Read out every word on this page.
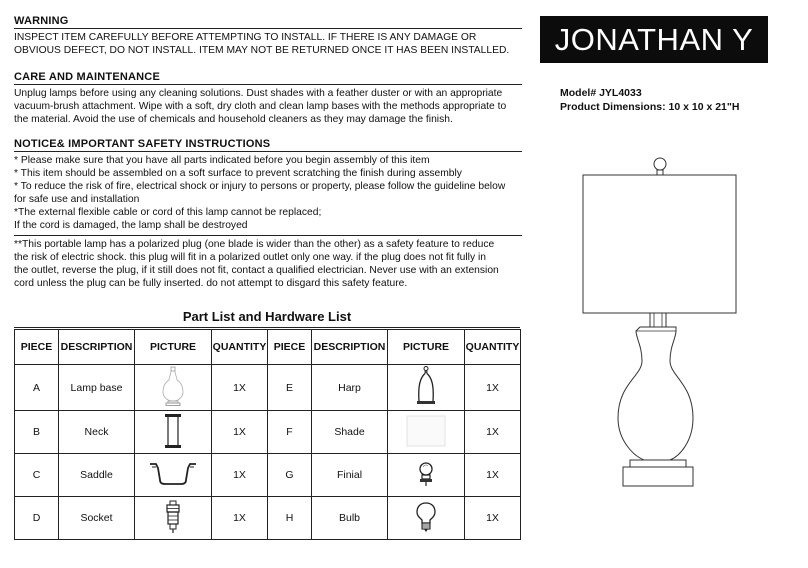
WARNING

INSPECT ITEM CAREFULLY BEFORE ATTEMPTING TO INSTALL. IF THERE IS ANY DAMAGE OR

OBVIOUS DEFECT, DO NOT INSTALL. ITEM MAY NOT BE RETURNED ONCE IT HAS BEEN INSTALLED.

CARE AND MAINTENANCE

Unplug lamps before using any cleaning solutions. Dust shades with a feather duster or with an appropriate

vacuum-brush attachment. Wipe with a soft, dry cloth and clean lamp bases with the methods appropriate to

the material. Avoid the use of chemicals and household cleaners as they may damage the finish.

NOTICE& IMPORTANT SAFETY INSTRUCTIONS

* Please make sure that you have all parts indicated before you begin assembly of this item

* This item should be assembled on a soft surface to prevent scratching the finish during assembly

* To reduce the risk of fire, electrical shock or injury to persons or property, please follow the guideline below

for safe use and installation

*The external flexible cable or cord of this lamp cannot be replaced;

If the cord is damaged, the lamp shall be destroyed

**This portable lamp has a polarized plug (one blade is wider than the other) as a safety feature to reduce

the risk of electric shock. this plug will fit in a polarized outlet only one way. if the plug does not fit fully in

the outlet, reverse the plug, if it still does not fit, contact a qualified electrician. Never use with an extension

cord unless the plug can be fully inserted. do not attempt to disgard this safety feature.

Part List and Hardware List
PIECE	DESCRIPTION	PICTURE	QUANTITY	PIECE	DESCRIPTION	PICTURE	QUANTITY
A	Lamp base		1X	E	Harp		1X
B	Neck		1X	F	Shade		1X
C	Saddle		1X	G	Finial		1X
D	Socket		1X	H	Bulb		1X
JONATHAN Y
Model# JYL4033
Product Dimensions: 10 x 10 x 21"H
